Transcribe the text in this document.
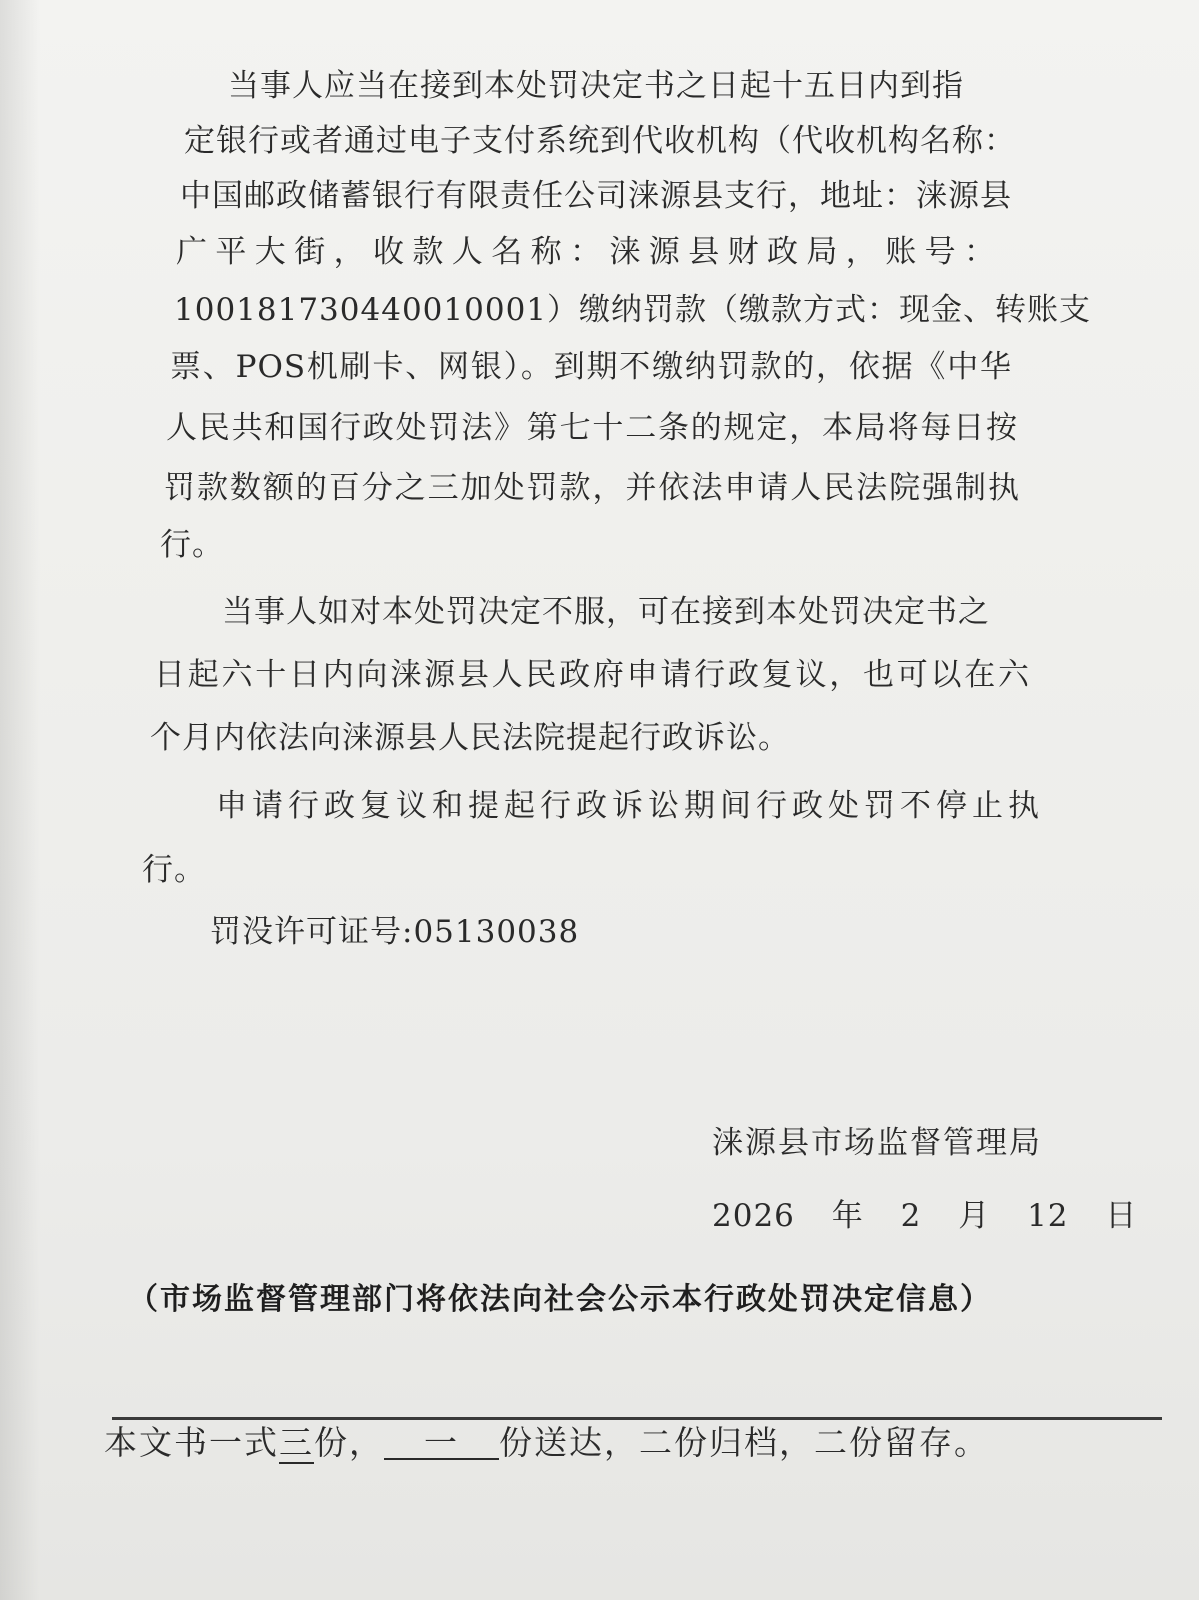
当事人应当在接到本处罚决定书之日起十五日内到指
定银行或者通过电子支付系统到代收机构（代收机构名称：
中国邮政储蓄银行有限责任公司涞源县支行，地址：涞源县
广平大街，收款人名称：涞源县财政局，账号：
100181730440010001）缴纳罚款（缴款方式：现金、转账支
票、POS机刷卡、网银）。到期不缴纳罚款的，依据《中华
人民共和国行政处罚法》第七十二条的规定，本局将每日按
罚款数额的百分之三加处罚款，并依法申请人民法院强制执
行。
当事人如对本处罚决定不服，可在接到本处罚决定书之
日起六十日内向涞源县人民政府申请行政复议，也可以在六
个月内依法向涞源县人民法院提起行政诉讼。
申请行政复议和提起行政诉讼期间行政处罚不停止执
行。
罚没许可证号:05130038
涞源县市场监督管理局
2026 年 2 月 12 日
（市场监督管理部门将依法向社会公示本行政处罚决定信息）
本文书一式三份， 一 份送达，二份归档，二份留存。
